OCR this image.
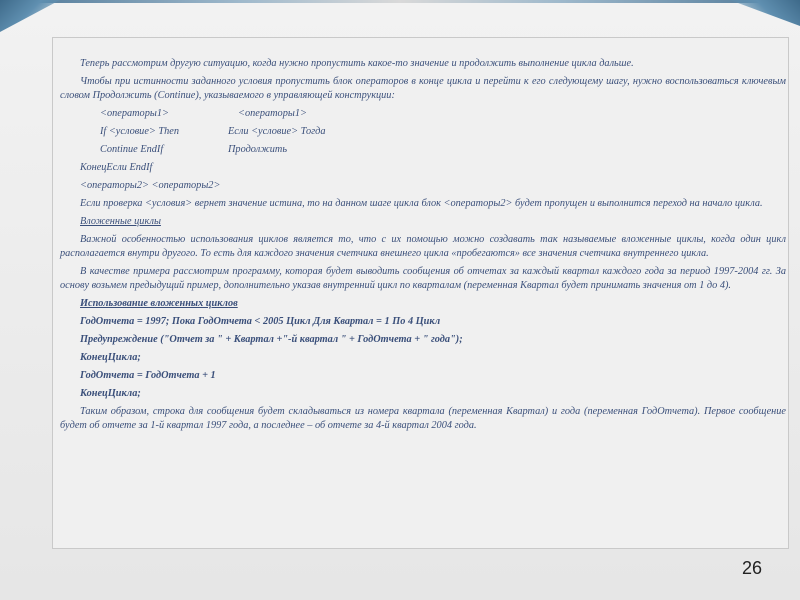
Теперь рассмотрим другую ситуацию, когда нужно пропустить какое-то значение и продолжить выполнение цикла дальше.

Чтобы при истинности заданного условия пропустить блок операторов в конце цикла и перейти к его следующему шагу, нужно воспользоваться ключевым словом Продолжить (Continue), указываемого в управляющей конструкции:

<операторы1>	<операторы1>

If <условие> Then	Если <условие> Тогда

Continue EndIf	Продолжить

КонецЕсли EndIf

<операторы2> <операторы2>

Если проверка <условия> вернет значение истина, то на данном шаге цикла блок <операторы2> будет пропущен и выполнится переход на начало цикла.

Вложенные циклы

Важной особенностью использования циклов является то, что с их помощью можно создавать так называемые вложенные циклы, когда один цикл располагается внутри другого. То есть для каждого значения счетчика внешнего цикла «пробегаются» все значения счетчика внутреннего цикла.

В качестве примера рассмотрим программу, которая будет выводить сообщения об отчетах за каждый квартал каждого года за период 1997-2004 гг. За основу возьмем предыдущий пример, дополнительно указав внутренний цикл по кварталам (переменная Квартал будет принимать значения от 1 до 4).

Использование вложенных циклов

ГодОтчета = 1997; Пока ГодОтчета < 2005 Цикл Для Квартал = 1 По 4 Цикл

Предупреждение ("Отчет за " + Квартал +"-й квартал " + ГодОтчета + " года");

КонецЦикла;

ГодОтчета = ГодОтчета + 1

КонецЦикла;

Таким образом, строка для сообщения будет складываться из номера квартала (переменная Квартал) и года (переменная ГодОтчета). Первое сообщение будет об отчете за 1-й квартал 1997 года, а последнее – об отчете за 4-й квартал 2004 года.

26
